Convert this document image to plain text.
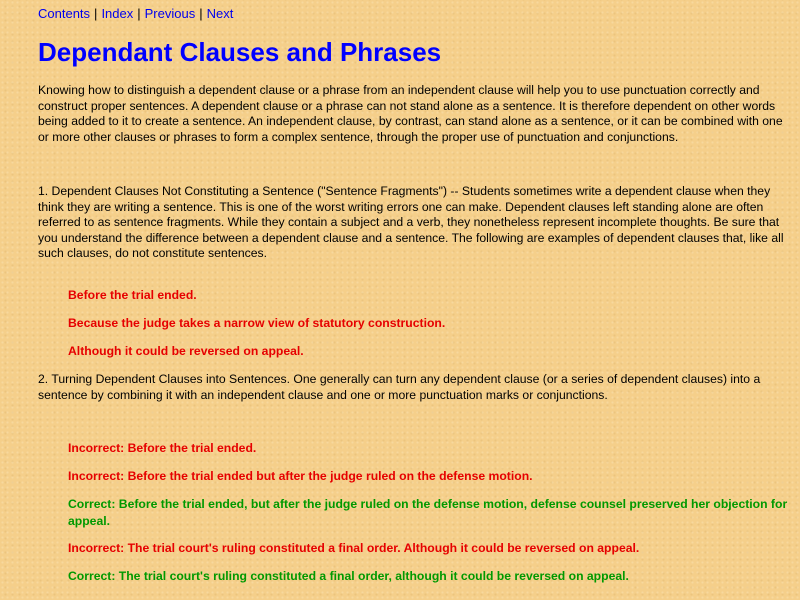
Contents | Index | Previous | Next
Dependant Clauses and Phrases
Knowing how to distinguish a dependent clause or a phrase from an independent clause will help you to use punctuation correctly and construct proper sentences. A dependent clause or a phrase can not stand alone as a sentence. It is therefore dependent on other words being added to it to create a sentence. An independent clause, by contrast, can stand alone as a sentence, or it can be combined with one or more other clauses or phrases to form a complex sentence, through the proper use of punctuation and conjunctions.
1. Dependent Clauses Not Constituting a Sentence ("Sentence Fragments") -- Students sometimes write a dependent clause when they think they are writing a sentence. This is one of the worst writing errors one can make. Dependent clauses left standing alone are often referred to as sentence fragments. While they contain a subject and a verb, they nonetheless represent incomplete thoughts. Be sure that you understand the difference between a dependent clause and a sentence. The following are examples of dependent clauses that, like all such clauses, do not constitute sentences.
Before the trial ended.
Because the judge takes a narrow view of statutory construction.
Although it could be reversed on appeal.
2. Turning Dependent Clauses into Sentences. One generally can turn any dependent clause (or a series of dependent clauses) into a sentence by combining it with an independent clause and one or more punctuation marks or conjunctions.
Incorrect: Before the trial ended.
Incorrect: Before the trial ended but after the judge ruled on the defense motion.
Correct: Before the trial ended, but after the judge ruled on the defense motion, defense counsel preserved her objection for appeal.
Incorrect: The trial court's ruling constituted a final order. Although it could be reversed on appeal.
Correct: The trial court's ruling constituted a final order, although it could be reversed on appeal.
